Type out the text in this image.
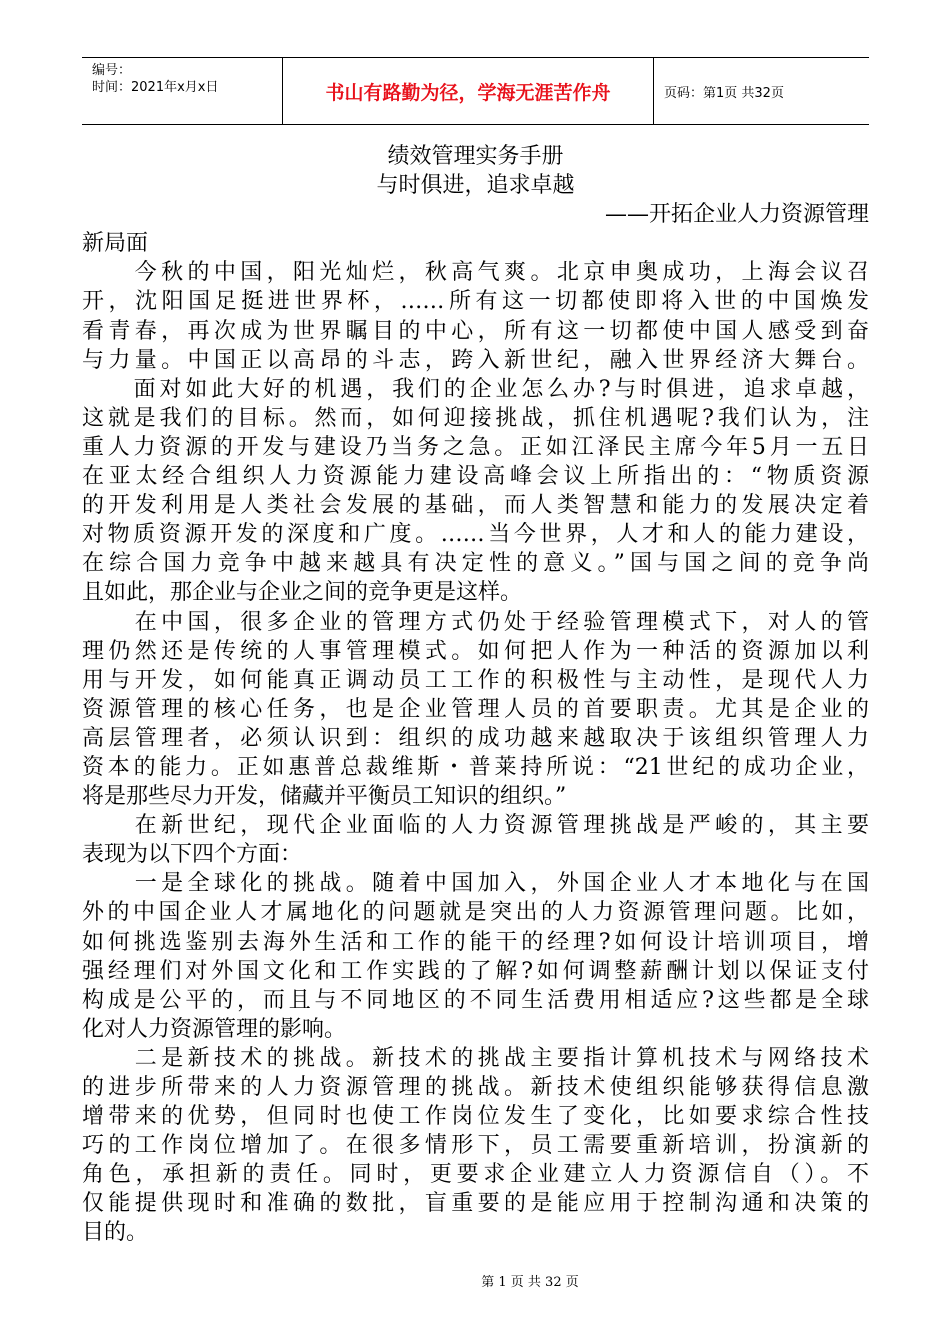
编号：
时间：2021年x月x日	书山有路勤为径，学海无涯苦作舟	页码：第1页 共32页
绩效管理实务手册
与时俱进，追求卓越
——开拓企业人力资源管理

新局面

　　今秋的中国，阳光灿烂，秋高气爽。北京申奥成功，上海会议召

开，沈阳国足挺进世界杯，……所有这一切都使即将入世的中国焕发

看青春，再次成为世界瞩目的中心，所有这一切都使中国人感受到奋

与力量。中国正以高昂的斗志，跨入新世纪，融入世界经济大舞台。

　　面对如此大好的机遇，我们的企业怎么办?与时俱进，追求卓越，

这就是我们的目标。然而，如何迎接挑战，抓住机遇呢?我们认为，注

重人力资源的开发与建设乃当务之急。正如江泽民主席今年5月一五日

在亚太经合组织人力资源能力建设高峰会议上所指出的：“物质资源

的开发利用是人类社会发展的基础，而人类智慧和能力的发展决定着

对物质资源开发的深度和广度。……当今世界，人才和人的能力建设，

在综合国力竞争中越来越具有决定性的意义。”国与国之间的竞争尚

且如此，那企业与企业之间的竞争更是这样。

　　在中国，很多企业的管理方式仍处于经验管理模式下，对人的管

理仍然还是传统的人事管理模式。如何把人作为一种活的资源加以利

用与开发，如何能真正调动员工工作的积极性与主动性，是现代人力

资源管理的核心任务，也是企业管理人员的首要职责。尤其是企业的

高层管理者，必须认识到：组织的成功越来越取决于该组织管理人力

资本的能力。正如惠普总裁维斯・普莱持所说：“21世纪的成功企业，

将是那些尽力开发，储藏并平衡员工知识的组织。”

　　在新世纪，现代企业面临的人力资源管理挑战是严峻的，其主要

表现为以下四个方面：

　　一是全球化的挑战。随着中国加入，外国企业人才本地化与在国

外的中国企业人才属地化的问题就是突出的人力资源管理问题。比如，

如何挑选鉴别去海外生活和工作的能干的经理?如何设计培训项目，增

强经理们对外国文化和工作实践的了解?如何调整薪酬计划以保证支付

构成是公平的，而且与不同地区的不同生活费用相适应?这些都是全球

化对人力资源管理的影响。

　　二是新技术的挑战。新技术的挑战主要指计算机技术与网络技术

的进步所带来的人力资源管理的挑战。新技术使组织能够获得信息激

增带来的优势，但同时也使工作岗位发生了变化，比如要求综合性技

巧的工作岗位增加了。在很多情形下，员工需要重新培训，扮演新的

角色，承担新的责任。同时，更要求企业建立人力资源信自（）。不

仅能提供现时和准确的数批，盲重要的是能应用于控制沟通和决策的

目的。

第 1 页 共 32 页
